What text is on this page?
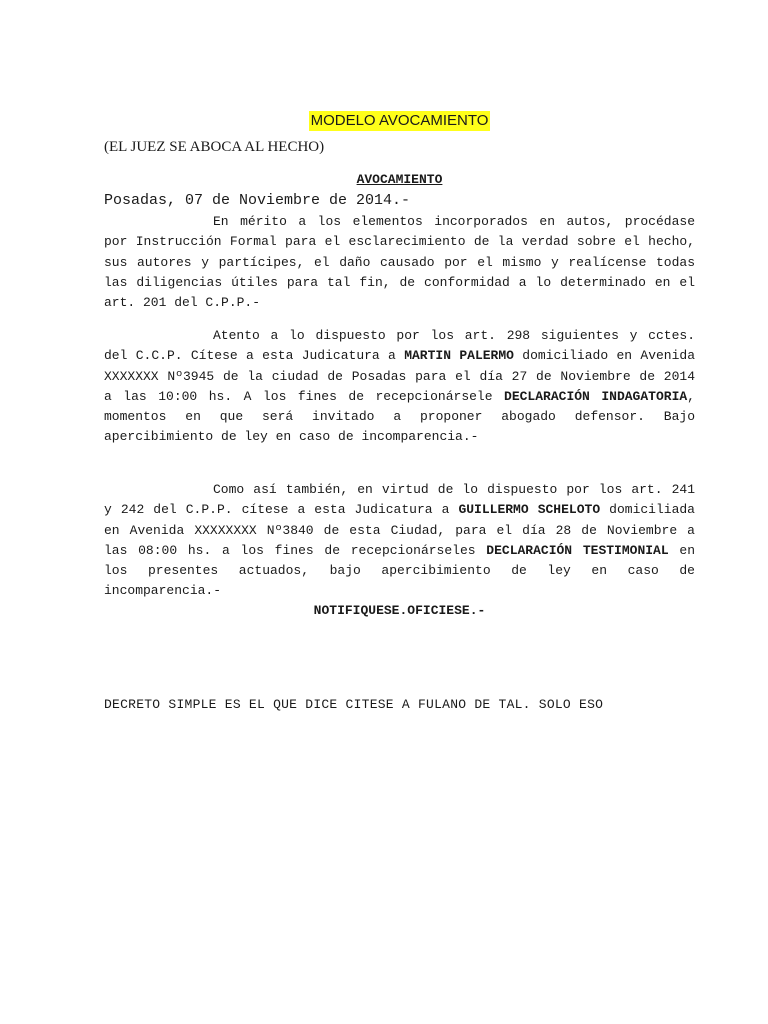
MODELO AVOCAMIENTO
(EL JUEZ SE ABOCA AL HECHO)
AVOCAMIENTO
Posadas, 07 de Noviembre de 2014.-

En mérito a los elementos incorporados en autos, procédase por Instrucción Formal para el esclarecimiento de la verdad sobre el hecho, sus autores y partícipes, el daño causado por el mismo y realícense todas las diligencias útiles para tal fin, de conformidad a lo determinado en el art. 201 del C.P.P.-

Atento a lo dispuesto por los art. 298 siguientes y cctes. del C.C.P. Cítese a esta Judicatura a MARTIN PALERMO domiciliado en Avenida XXXXXXX Nº3945 de la ciudad de Posadas para el día 27 de Noviembre de 2014 a las 10:00 hs. A los fines de recepcionársele DECLARACIÓN INDAGATORIA, momentos en que será invitado a proponer abogado defensor. Bajo apercibimiento de ley en caso de incomparencia.-

Como así también, en virtud de lo dispuesto por los art. 241 y 242 del C.P.P. cítese a esta Judicatura a GUILLERMO SCHELOTO domiciliada en Avenida XXXXXXXX Nº3840 de esta Ciudad, para el día 28 de Noviembre a las 08:00 hs. a los fines de recepcionárseles DECLARACIÓN TESTIMONIAL en los presentes actuados, bajo apercibimiento de ley en caso de incomparencia.-

NOTIFIQUESE.OFICIESE.-
DECRETO SIMPLE ES EL QUE DICE CITESE A FULANO DE TAL. SOLO ESO
